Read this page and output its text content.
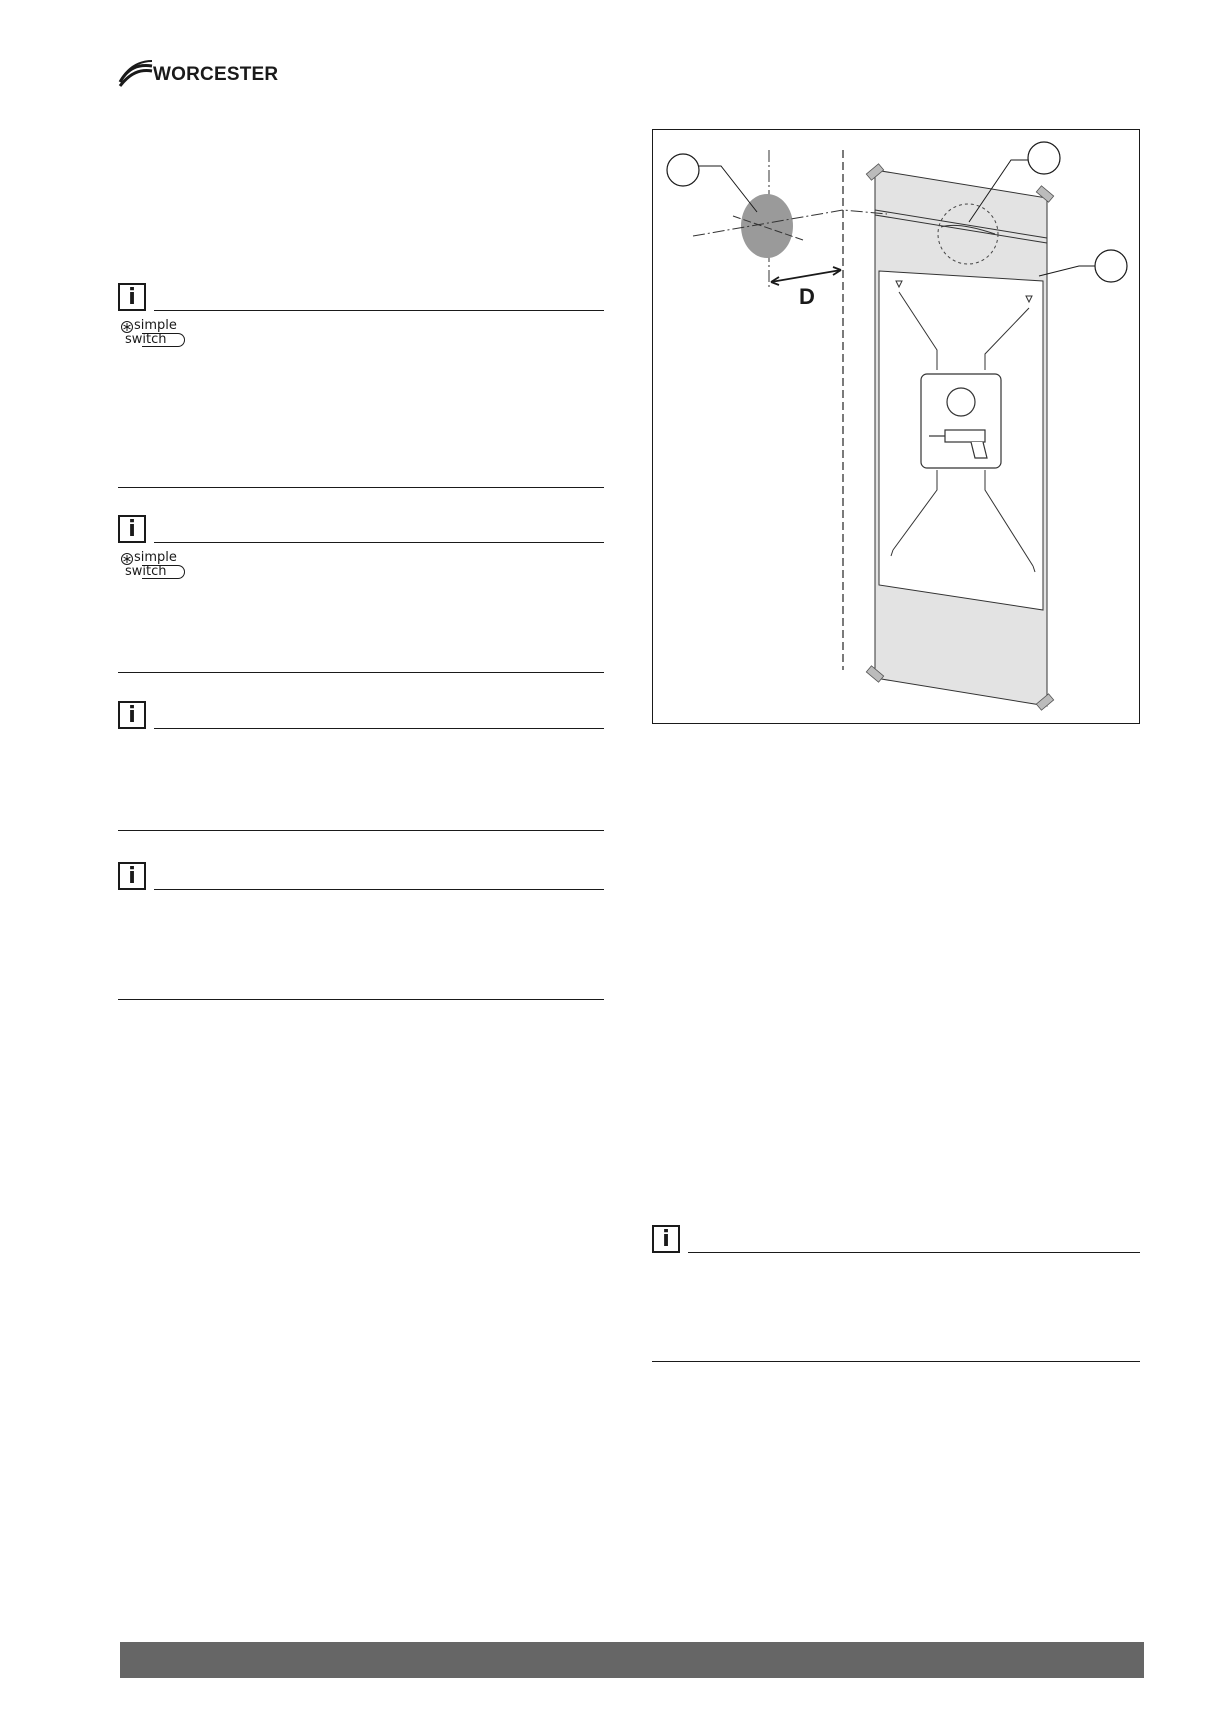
WORCESTER
i
simple
switch
i
simple
switch
i
i
D
i
